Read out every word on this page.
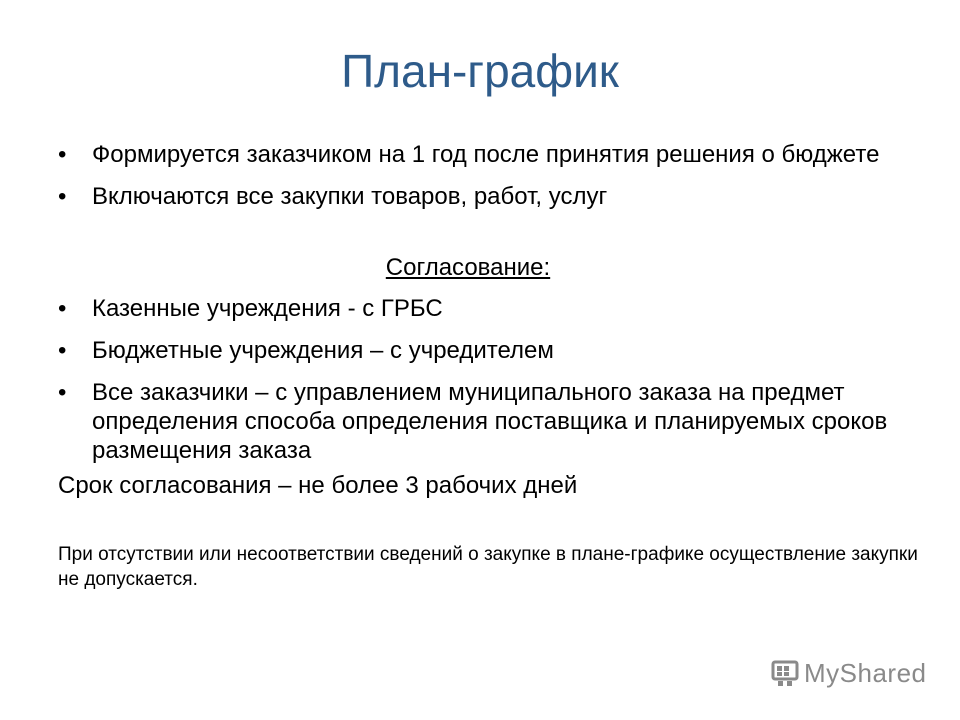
План-график
•	Формируется заказчиком на 1 год после принятия решения о бюджете
•	Включаются все закупки товаров, работ, услуг
Согласование:
•	Казенные учреждения - с ГРБС
•	Бюджетные учреждения – с учредителем
•	Все заказчики – с управлением муниципального заказа на предмет определения способа определения поставщика и планируемых сроков размещения заказа
Срок согласования – не более 3 рабочих дней
При отсутствии или несоответствии сведений о закупке в плане-графике осуществление закупки не допускается.
MyShared
